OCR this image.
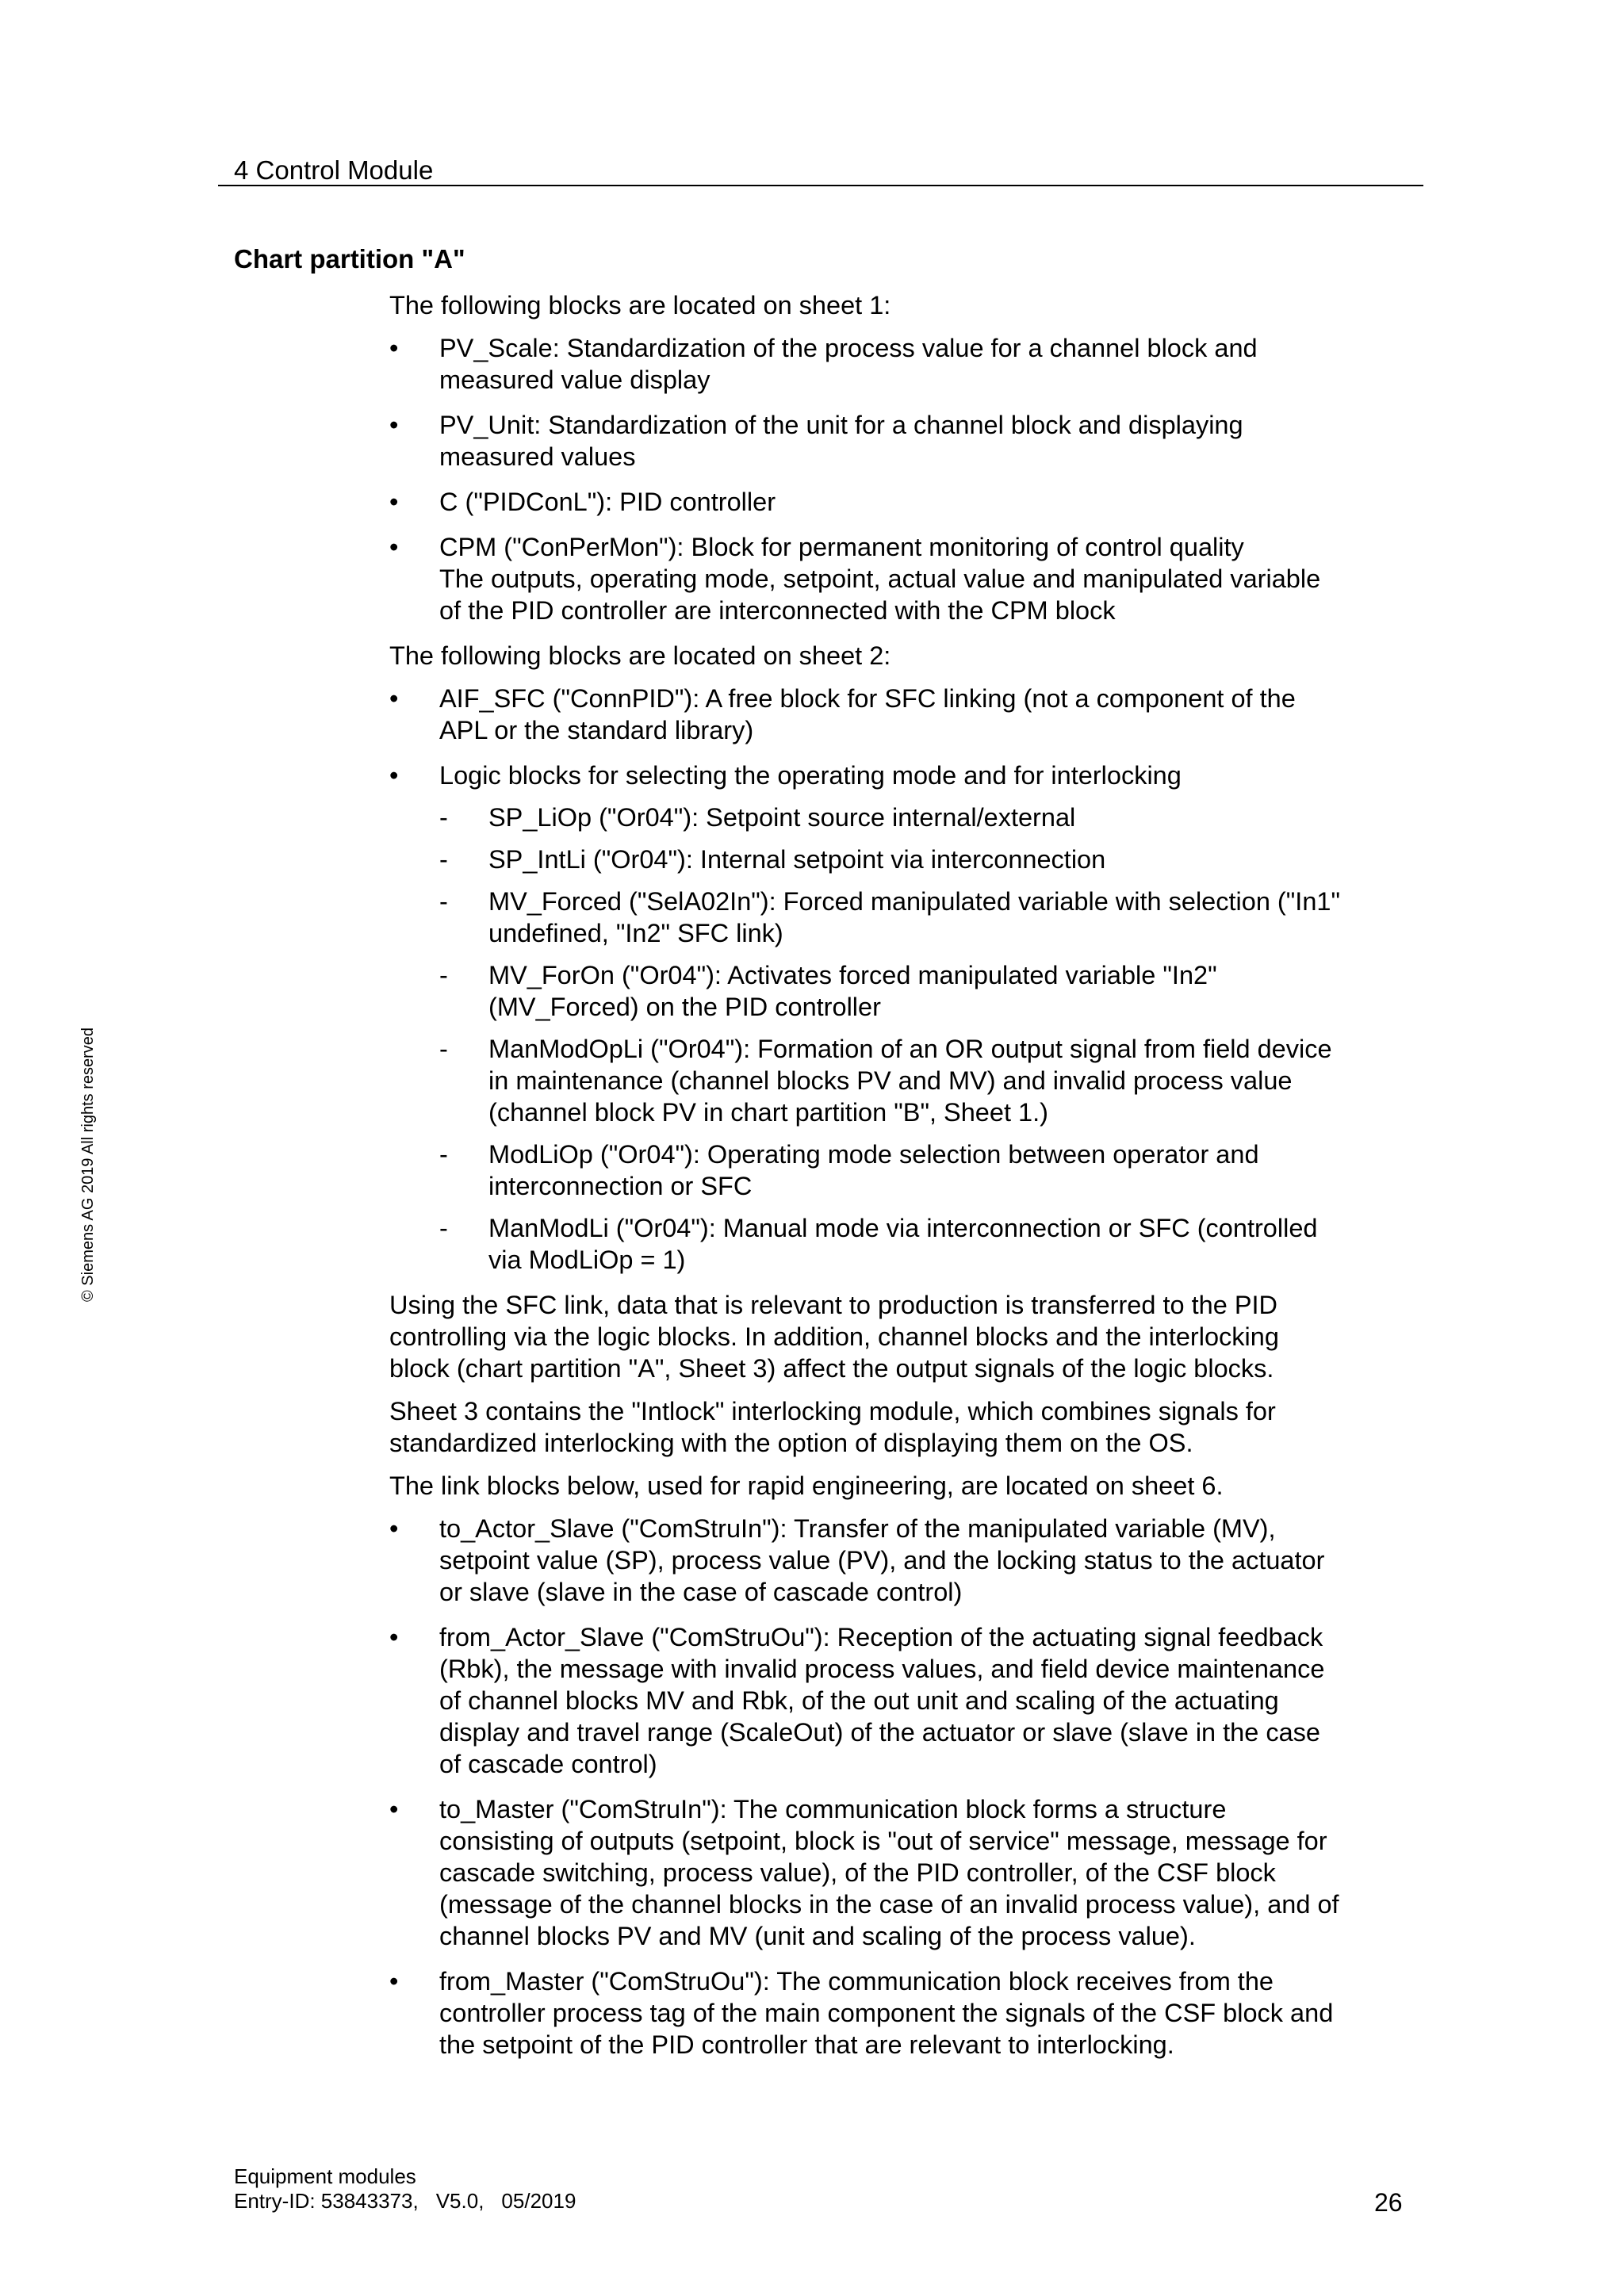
4 Control Module
Chart partition "A"
© Siemens AG 2019 All rights reserved

The following blocks are located on sheet 1:

•	PV_Scale: Standardization of the process value for a channel block and
measured value display
•	PV_Unit: Standardization of the unit for a channel block and displaying
measured values
•	C ("PIDConL"): PID controller
•	CPM ("ConPerMon"): Block for permanent monitoring of control quality
The outputs, operating mode, setpoint, actual value and manipulated variable
of the PID controller are interconnected with the CPM block

The following blocks are located on sheet 2:

•	AIF_SFC ("ConnPID"): A free block for SFC linking (not a component of the
APL or the standard library)
•	Logic blocks for selecting the operating mode and for interlocking
-	SP_LiOp ("Or04"): Setpoint source internal/external
-	SP_IntLi ("Or04"): Internal setpoint via interconnection
-	MV_Forced ("SelA02In"): Forced manipulated variable with selection ("In1"
undefined, "In2" SFC link)
-	MV_ForOn ("Or04"): Activates forced manipulated variable "In2"
(MV_Forced) on the PID controller
-	ManModOpLi ("Or04"): Formation of an OR output signal from field device
in maintenance (channel blocks PV and MV) and invalid process value
(channel block PV in chart partition "B", Sheet 1.)
-	ModLiOp ("Or04"): Operating mode selection between operator and
interconnection or SFC
-	ManModLi ("Or04"): Manual mode via interconnection or SFC (controlled
via ModLiOp = 1)

Using the SFC link, data that is relevant to production is transferred to the PID
controlling via the logic blocks. In addition, channel blocks and the interlocking
block (chart partition "A", Sheet 3) affect the output signals of the logic blocks.

Sheet 3 contains the "Intlock" interlocking module, which combines signals for
standardized interlocking with the option of displaying them on the OS.

The link blocks below, used for rapid engineering, are located on sheet 6.

•	to_Actor_Slave ("ComStruIn"): Transfer of the manipulated variable (MV),
setpoint value (SP), process value (PV), and the locking status to the actuator
or slave (slave in the case of cascade control)
•	from_Actor_Slave ("ComStruOu"): Reception of the actuating signal feedback
(Rbk), the message with invalid process values, and field device maintenance
of channel blocks MV and Rbk, of the out unit and scaling of the actuating
display and travel range (ScaleOut) of the actuator or slave (slave in the case
of cascade control)
•	to_Master ("ComStruIn"): The communication block forms a structure
consisting of outputs (setpoint, block is "out of service" message, message for
cascade switching, process value), of the PID controller, of the CSF block
(message of the channel blocks in the case of an invalid process value), and of
channel blocks PV and MV (unit and scaling of the process value).
•	from_Master ("ComStruOu"): The communication block receives from the
controller process tag of the main component the signals of the CSF block and
the setpoint of the PID controller that are relevant to interlocking.
Equipment modules
Entry-ID: 53843373, V5.0, 05/2019	26
